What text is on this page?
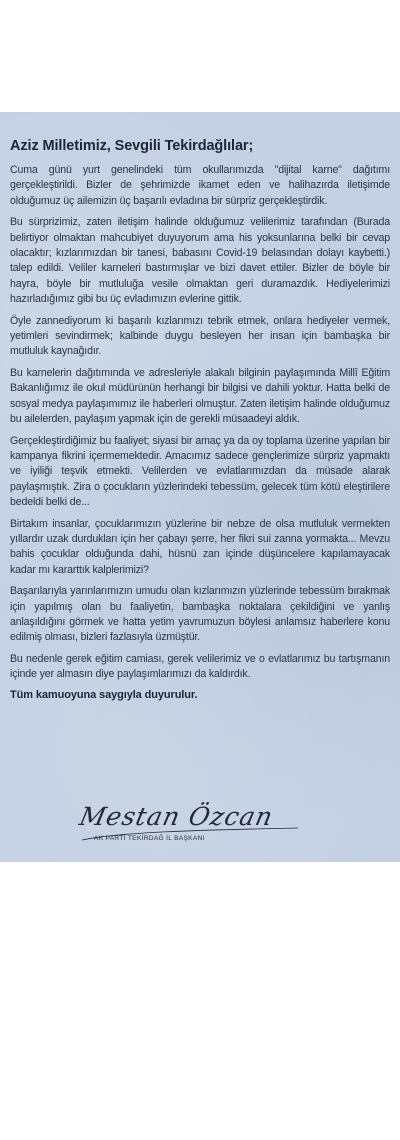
Aziz Milletimiz, Sevgili Tekirdağlılar;

Cuma günü yurt genelindeki tüm okullarımızda "dijital karne" dağıtımı gerçekleştirildi. Bizler de şehrimizde ikamet eden ve halihazırda iletişimde olduğumuz üç ailemizin üç başarılı evladına bir sürpriz gerçekleştirdik.

Bu sürprizimiz, zaten iletişim halinde olduğumuz velilerimiz tarafından (Burada belirtiyor olmaktan mahcubiyet duyuyorum ama his yoksunlarına belki bir cevap olacaktır; kızlarımızdan bir tanesi, babasını Covid-19 belasından dolayı kaybetti.) talep edildi. Veliler karneleri bastırmışlar ve bizi davet ettiler. Bizler de böyle bir hayra, böyle bir mutluluğa vesile olmaktan geri duramazdık. Hediyelerimizi hazırladığımız gibi bu üç evladımızın evlerine gittik.

Öyle zannediyorum ki başarılı kızlarımızı tebrik etmek, onlara hediyeler vermek, yetimleri sevindirmek; kalbinde duygu besleyen her insan için bambaşka bir mutluluk kaynağıdır.

Bu karnelerin dağıtımında ve adresleriyle alakalı bilginin paylaşımında Millî Eğitim Bakanlığımız ile okul müdürünün herhangi bir bilgisi ve dahili yoktur. Hatta belki de sosyal medya paylaşımımız ile haberleri olmuştur. Zaten iletişim halinde olduğumuz bu ailelerden, paylaşım yapmak için de gerekli müsaadeyi aldık.

Gerçekleştirdiğimiz bu faaliyet; siyasi bir amaç ya da oy toplama üzerine yapılan bir kampanya fikrini içermemektedir. Amacımız sadece gençlerimize sürpriz yapmaktı ve iyiliği teşvik etmekti. Velilerden ve evlatlarımızdan da müsade alarak paylaşmıştık. Zira o çocukların yüzlerindeki tebessüm, gelecek tüm kötü eleştirilere bedeldi belki de...

Birtakım insanlar, çocuklarımızın yüzlerine bir nebze de olsa mutluluk vermekten yıllardır uzak durdukları için her çabayı şerre, her fikri sui zanna yormakta... Mevzu bahis çocuklar olduğunda dahi, hüsnü zan içinde düşüncelere kapılamayacak kadar mı kararttık kalplerimizi?

Başarılarıyla yarınlarımızın umudu olan kızlarımızın yüzlerinde tebessüm bırakmak için yapılmış olan bu faaliyetin, bambaşka noktalara çekildiğini ve yanlış anlaşıldığını görmek ve hatta yetim yavrumuzun böylesi anlamsız haberlere konu edilmiş olması, bizleri fazlasıyla üzmüştür.

Bu nedenle gerek eğitim camiası, gerek velilerimiz ve o evlatlarımız bu tartışmanın içinde yer almasın diye paylaşımlarımızı da kaldırdık.

Tüm kamuoyuna saygıyla duyurulur.
Mestan Özcan
AK PARTİ TEKİRDAĞ İL BAŞKANI
